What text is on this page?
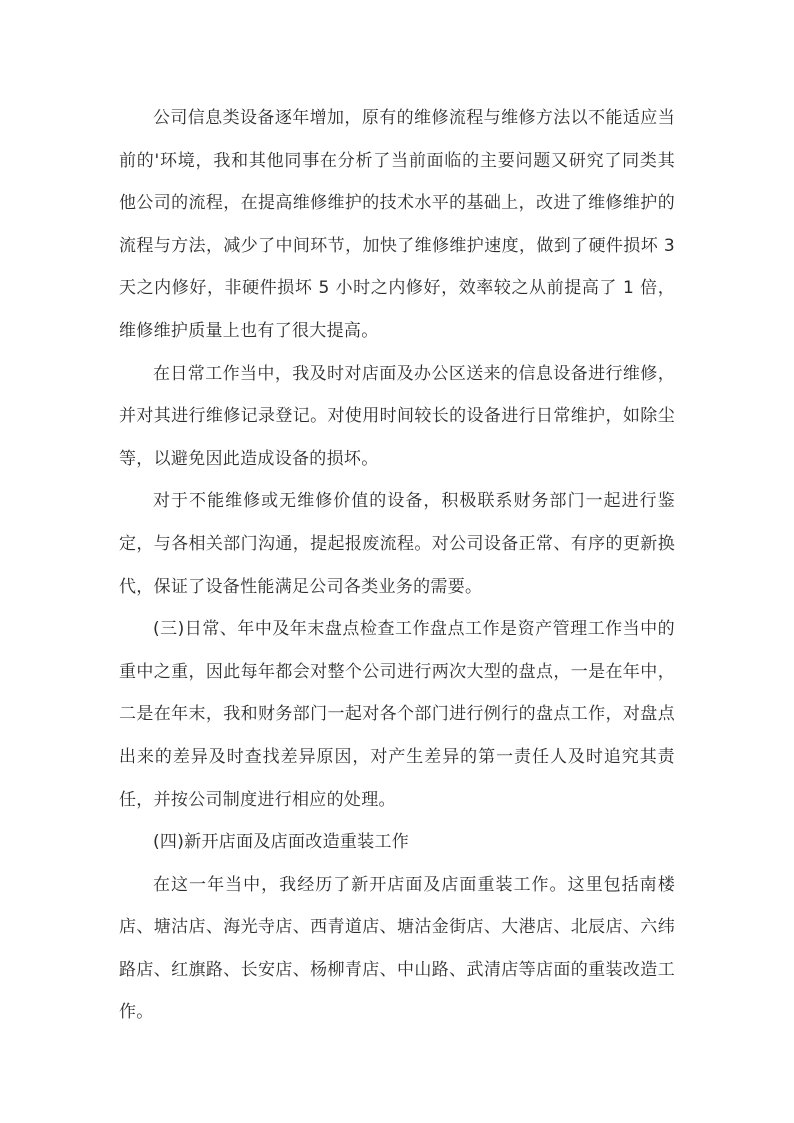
公司信息类设备逐年增加，原有的维修流程与维修方法以不能适应当前的'环境，我和其他同事在分析了当前面临的主要问题又研究了同类其他公司的流程，在提高维修维护的技术水平的基础上，改进了维修维护的流程与方法，减少了中间环节，加快了维修维护速度，做到了硬件损坏 3 天之内修好，非硬件损坏 5 小时之内修好，效率较之从前提高了 1 倍，维修维护质量上也有了很大提高。

在日常工作当中，我及时对店面及办公区送来的信息设备进行维修，并对其进行维修记录登记。对使用时间较长的设备进行日常维护，如除尘等，以避免因此造成设备的损坏。

对于不能维修或无维修价值的设备，积极联系财务部门一起进行鉴定，与各相关部门沟通，提起报废流程。对公司设备正常、有序的更新换代，保证了设备性能满足公司各类业务的需要。

(三)日常、年中及年末盘点检查工作盘点工作是资产管理工作当中的重中之重，因此每年都会对整个公司进行两次大型的盘点，一是在年中，二是在年末，我和财务部门一起对各个部门进行例行的盘点工作，对盘点出来的差异及时查找差异原因，对产生差异的第一责任人及时追究其责任，并按公司制度进行相应的处理。

(四)新开店面及店面改造重装工作

在这一年当中，我经历了新开店面及店面重装工作。这里包括南楼店、塘沽店、海光寺店、西青道店、塘沽金街店、大港店、北辰店、六纬路店、红旗路、长安店、杨柳青店、中山路、武清店等店面的重装改造工作。
